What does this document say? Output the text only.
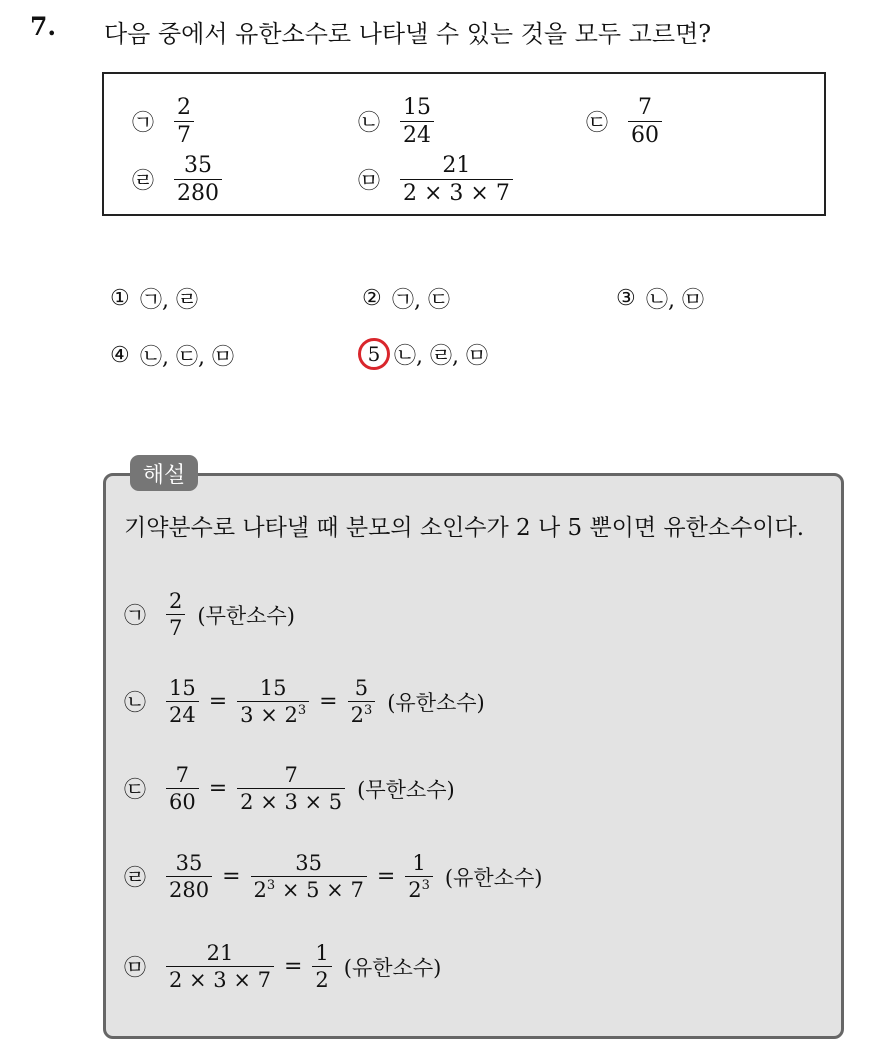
7. 다음 중에서 유한소수로 나타낼 수 있는 것을 모두 고르면?
㉠ $\frac{2}{7}$	㉡ $\frac{15}{24}$	㉢ $\frac{7}{60}$
㉣ $\frac{35}{280}$	㉤ $\frac{21}{2 \times 3 \times 7}$
① ㉠, ㉣	② ㉠, ㉢	③ ㉡, ㉤
④ ㉡, ㉢, ㉤	5 ㉡, ㉣, ㉤
해설
기약분수로 나타낼 때 분모의 소인수가 2 나 5 뿐이면 유한소수이다.
㉠ $\frac{2}{7}$ (무한소수)
㉡ $\frac{15}{24} = \frac{15}{3 \times 2^3} = \frac{5}{2^3}$ (유한소수)
㉢ $\frac{7}{60} = \frac{7}{2 \times 3 \times 5}$ (무한소수)
㉣ $\frac{35}{280} = \frac{35}{2^3 \times 5 \times 7} = \frac{1}{2^3}$ (유한소수)
㉤ $\frac{21}{2 \times 3 \times 7} = \frac{1}{2}$ (유한소수)
